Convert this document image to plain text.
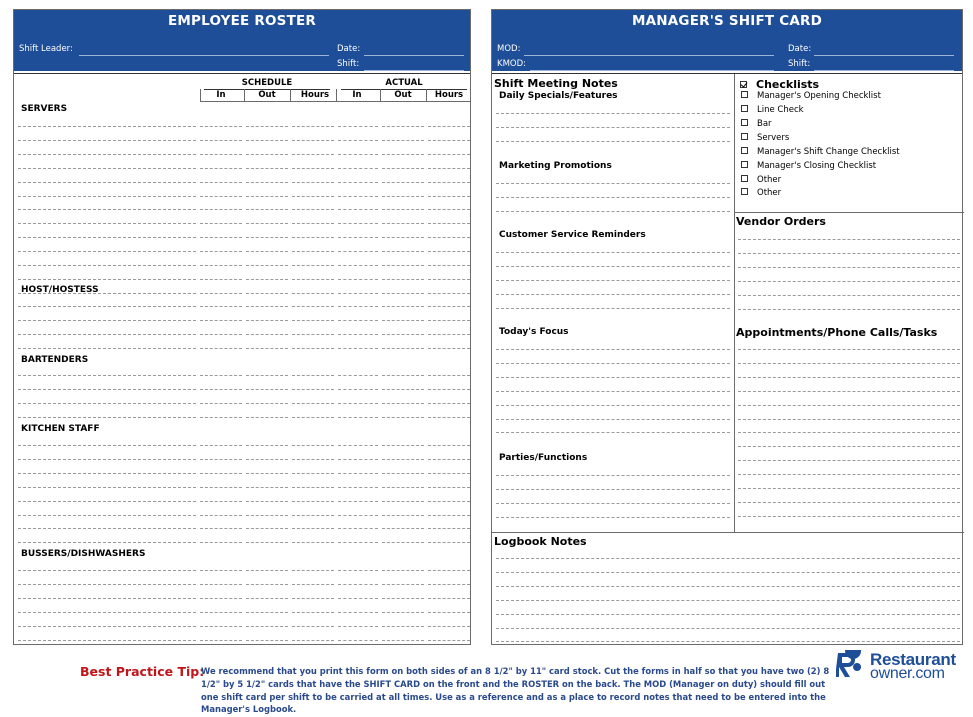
EMPLOYEE ROSTER
Shift Leader:	Date:
Shift:
SCHEDULE	ACTUAL
In	Out	Hours	In	Out	Hours
SERVERS
HOST/HOSTESS
BARTENDERS
KITCHEN STAFF
BUSSERS/DISHWASHERS
MANAGER'S SHIFT CARD
MOD:
KMOD:
Date:
Shift:
Shift Meeting Notes
Daily Specials/Features
Marketing Promotions
Customer Service Reminders
Today's Focus
Parties/Functions
Checklists
Manager's Opening Checklist
Line Check
Bar
Servers
Manager's Shift Change Checklist
Manager's Closing Checklist
Other
Other
Vendor Orders
Appointments/Phone Calls/Tasks
Logbook Notes
Best Practice Tip:
We recommend that you print this form on both sides of an 8 1/2" by 11" card stock. Cut the forms in half so that you have two (2) 8 1/2" by 5 1/2" cards that have the SHIFT CARD on the front and the ROSTER on the back. The MOD (Manager on duty) should fill out one shift card per shift to be carried at all times. Use as a reference and as a place to record notes that need to be entered into the Manager's Logbook.
Restaurant
owner.com
